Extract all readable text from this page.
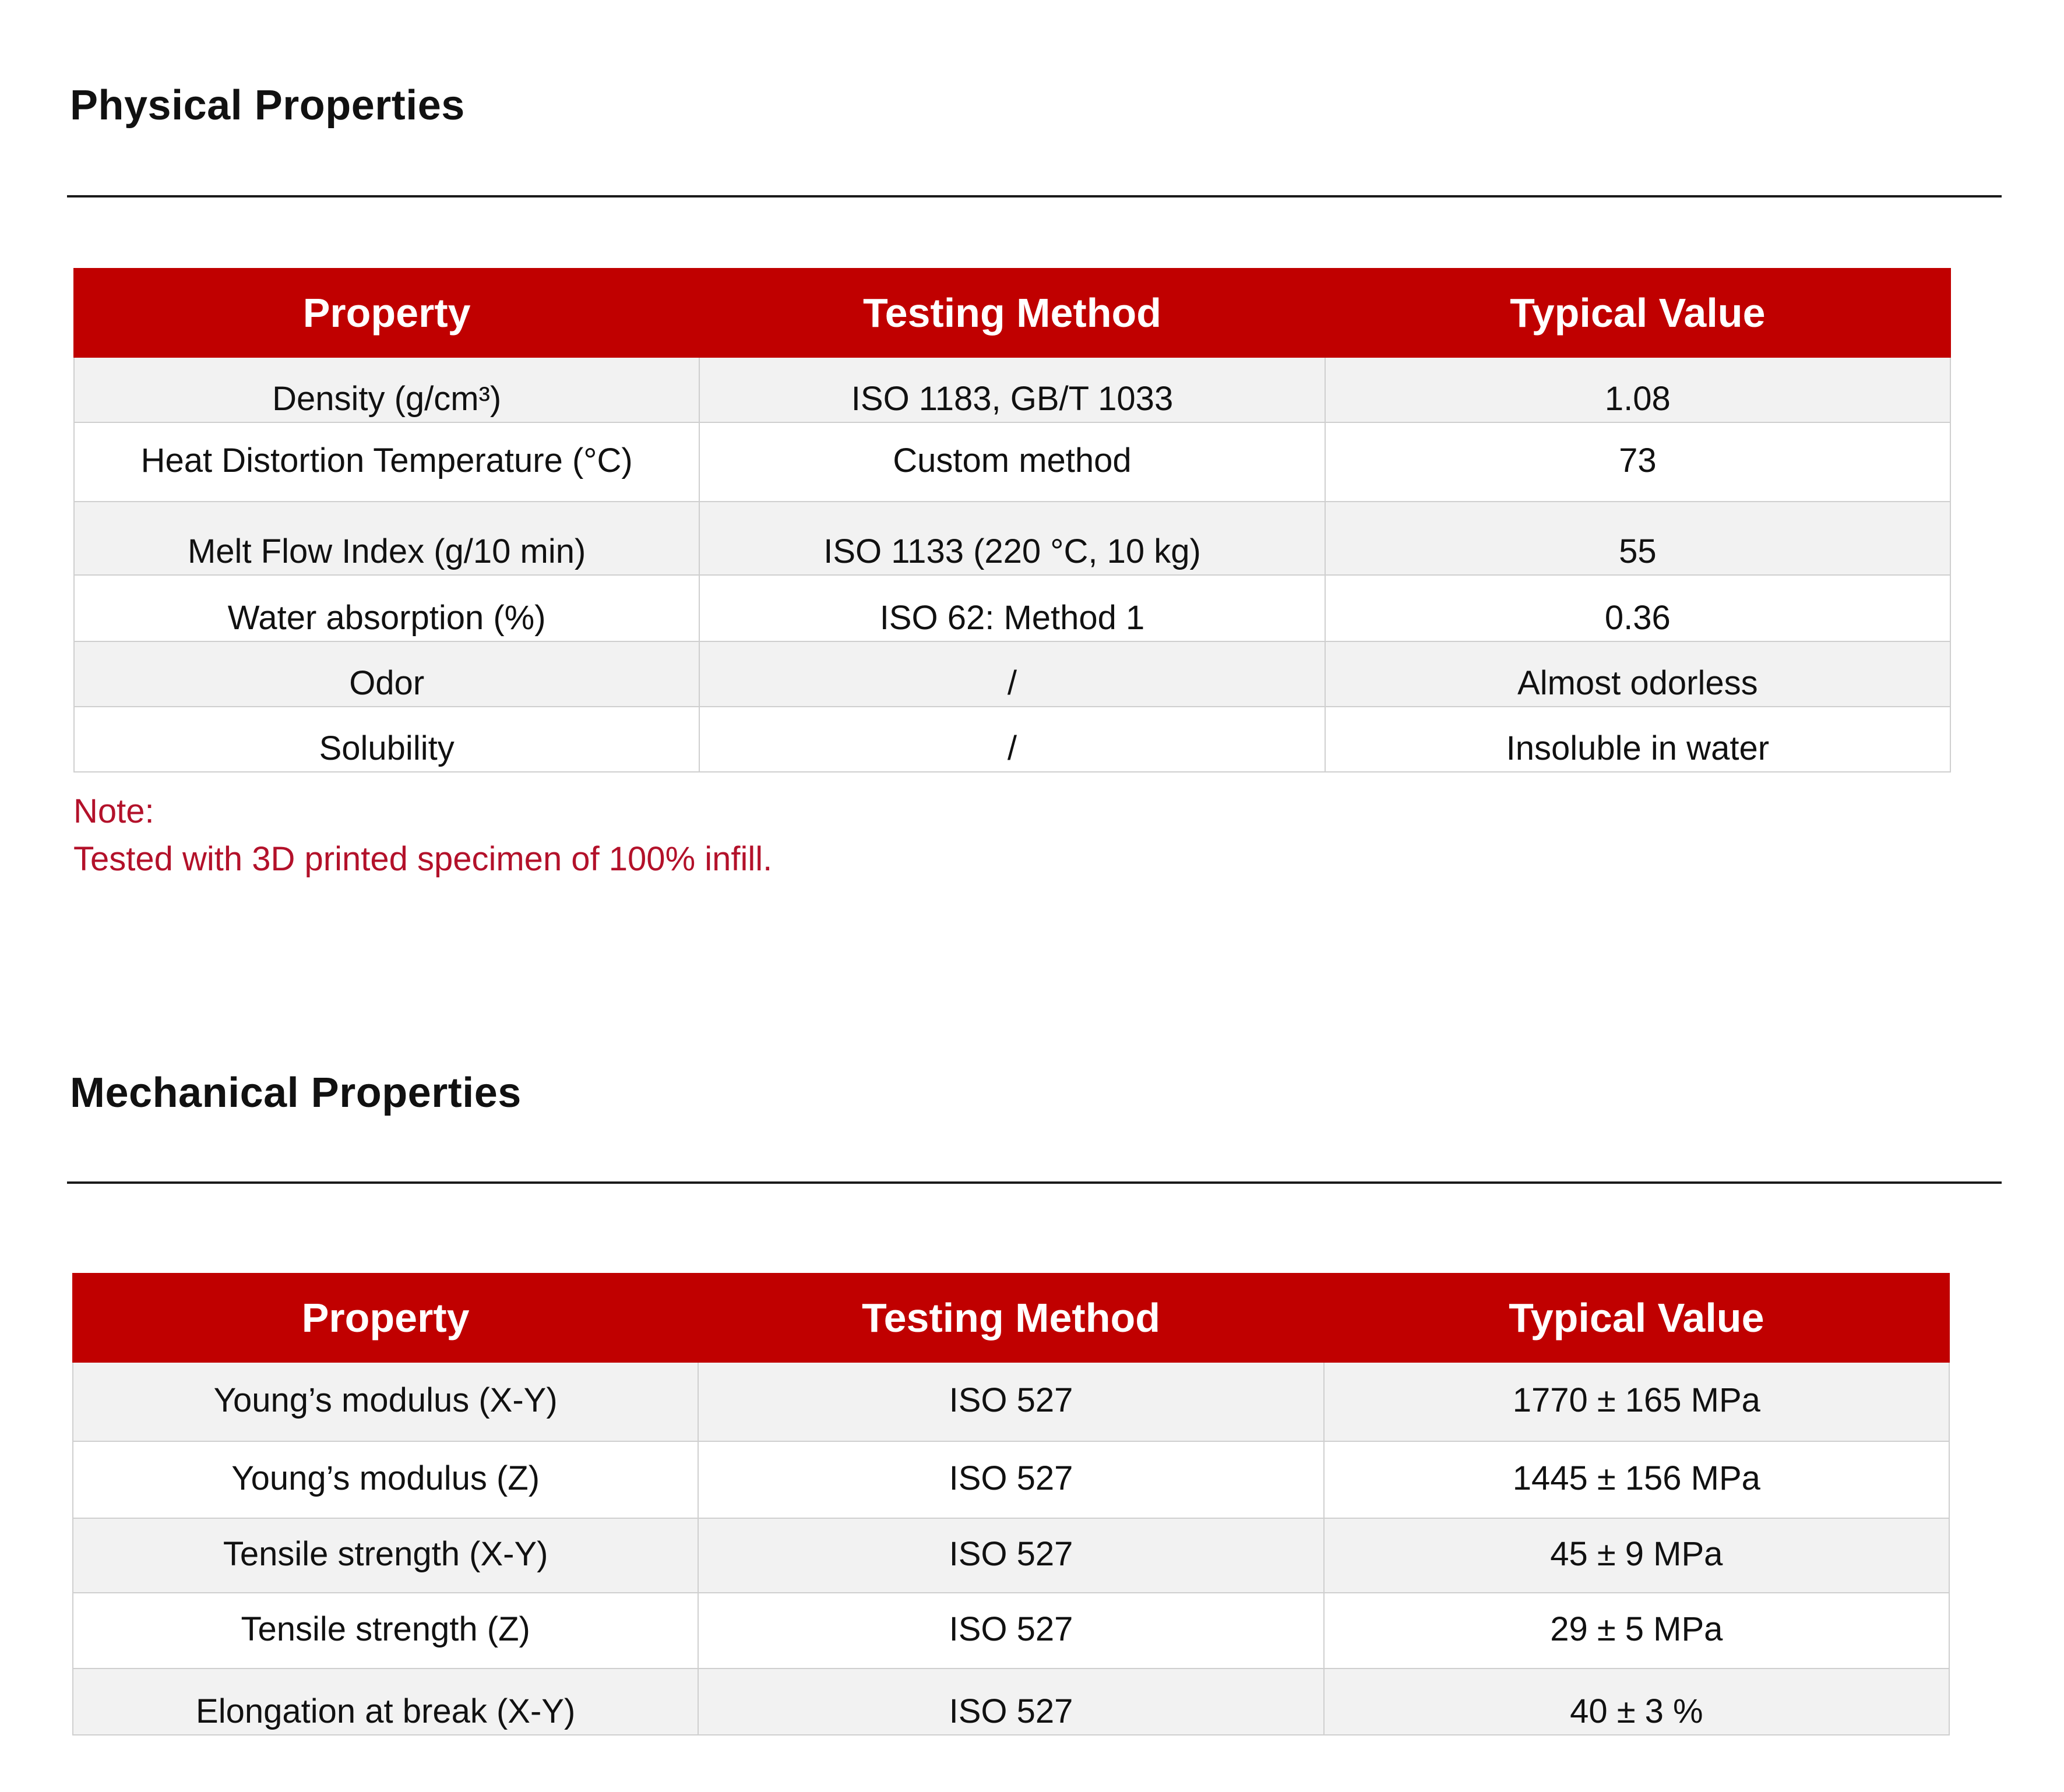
Physical Properties
Property	Testing Method	Typical Value
Density (g/cm³)	ISO 1183, GB/T 1033	1.08
Heat Distortion Temperature (°C)	Custom method	73
Melt Flow Index (g/10 min)	ISO 1133 (220 °C, 10 kg)	55
Water absorption (%)	ISO 62: Method 1	0.36
Odor	/	Almost odorless
Solubility	/	Insoluble in water
Note:
Tested with 3D printed specimen of 100% infill.
Mechanical Properties
Property	Testing Method	Typical Value
Young’s modulus (X-Y)	ISO 527	1770 ± 165 MPa
Young’s modulus (Z)	ISO 527	1445 ± 156 MPa
Tensile strength (X-Y)	ISO 527	45 ± 9 MPa
Tensile strength (Z)	ISO 527	29 ± 5 MPa
Elongation at break (X-Y)	ISO 527	40 ± 3 %
